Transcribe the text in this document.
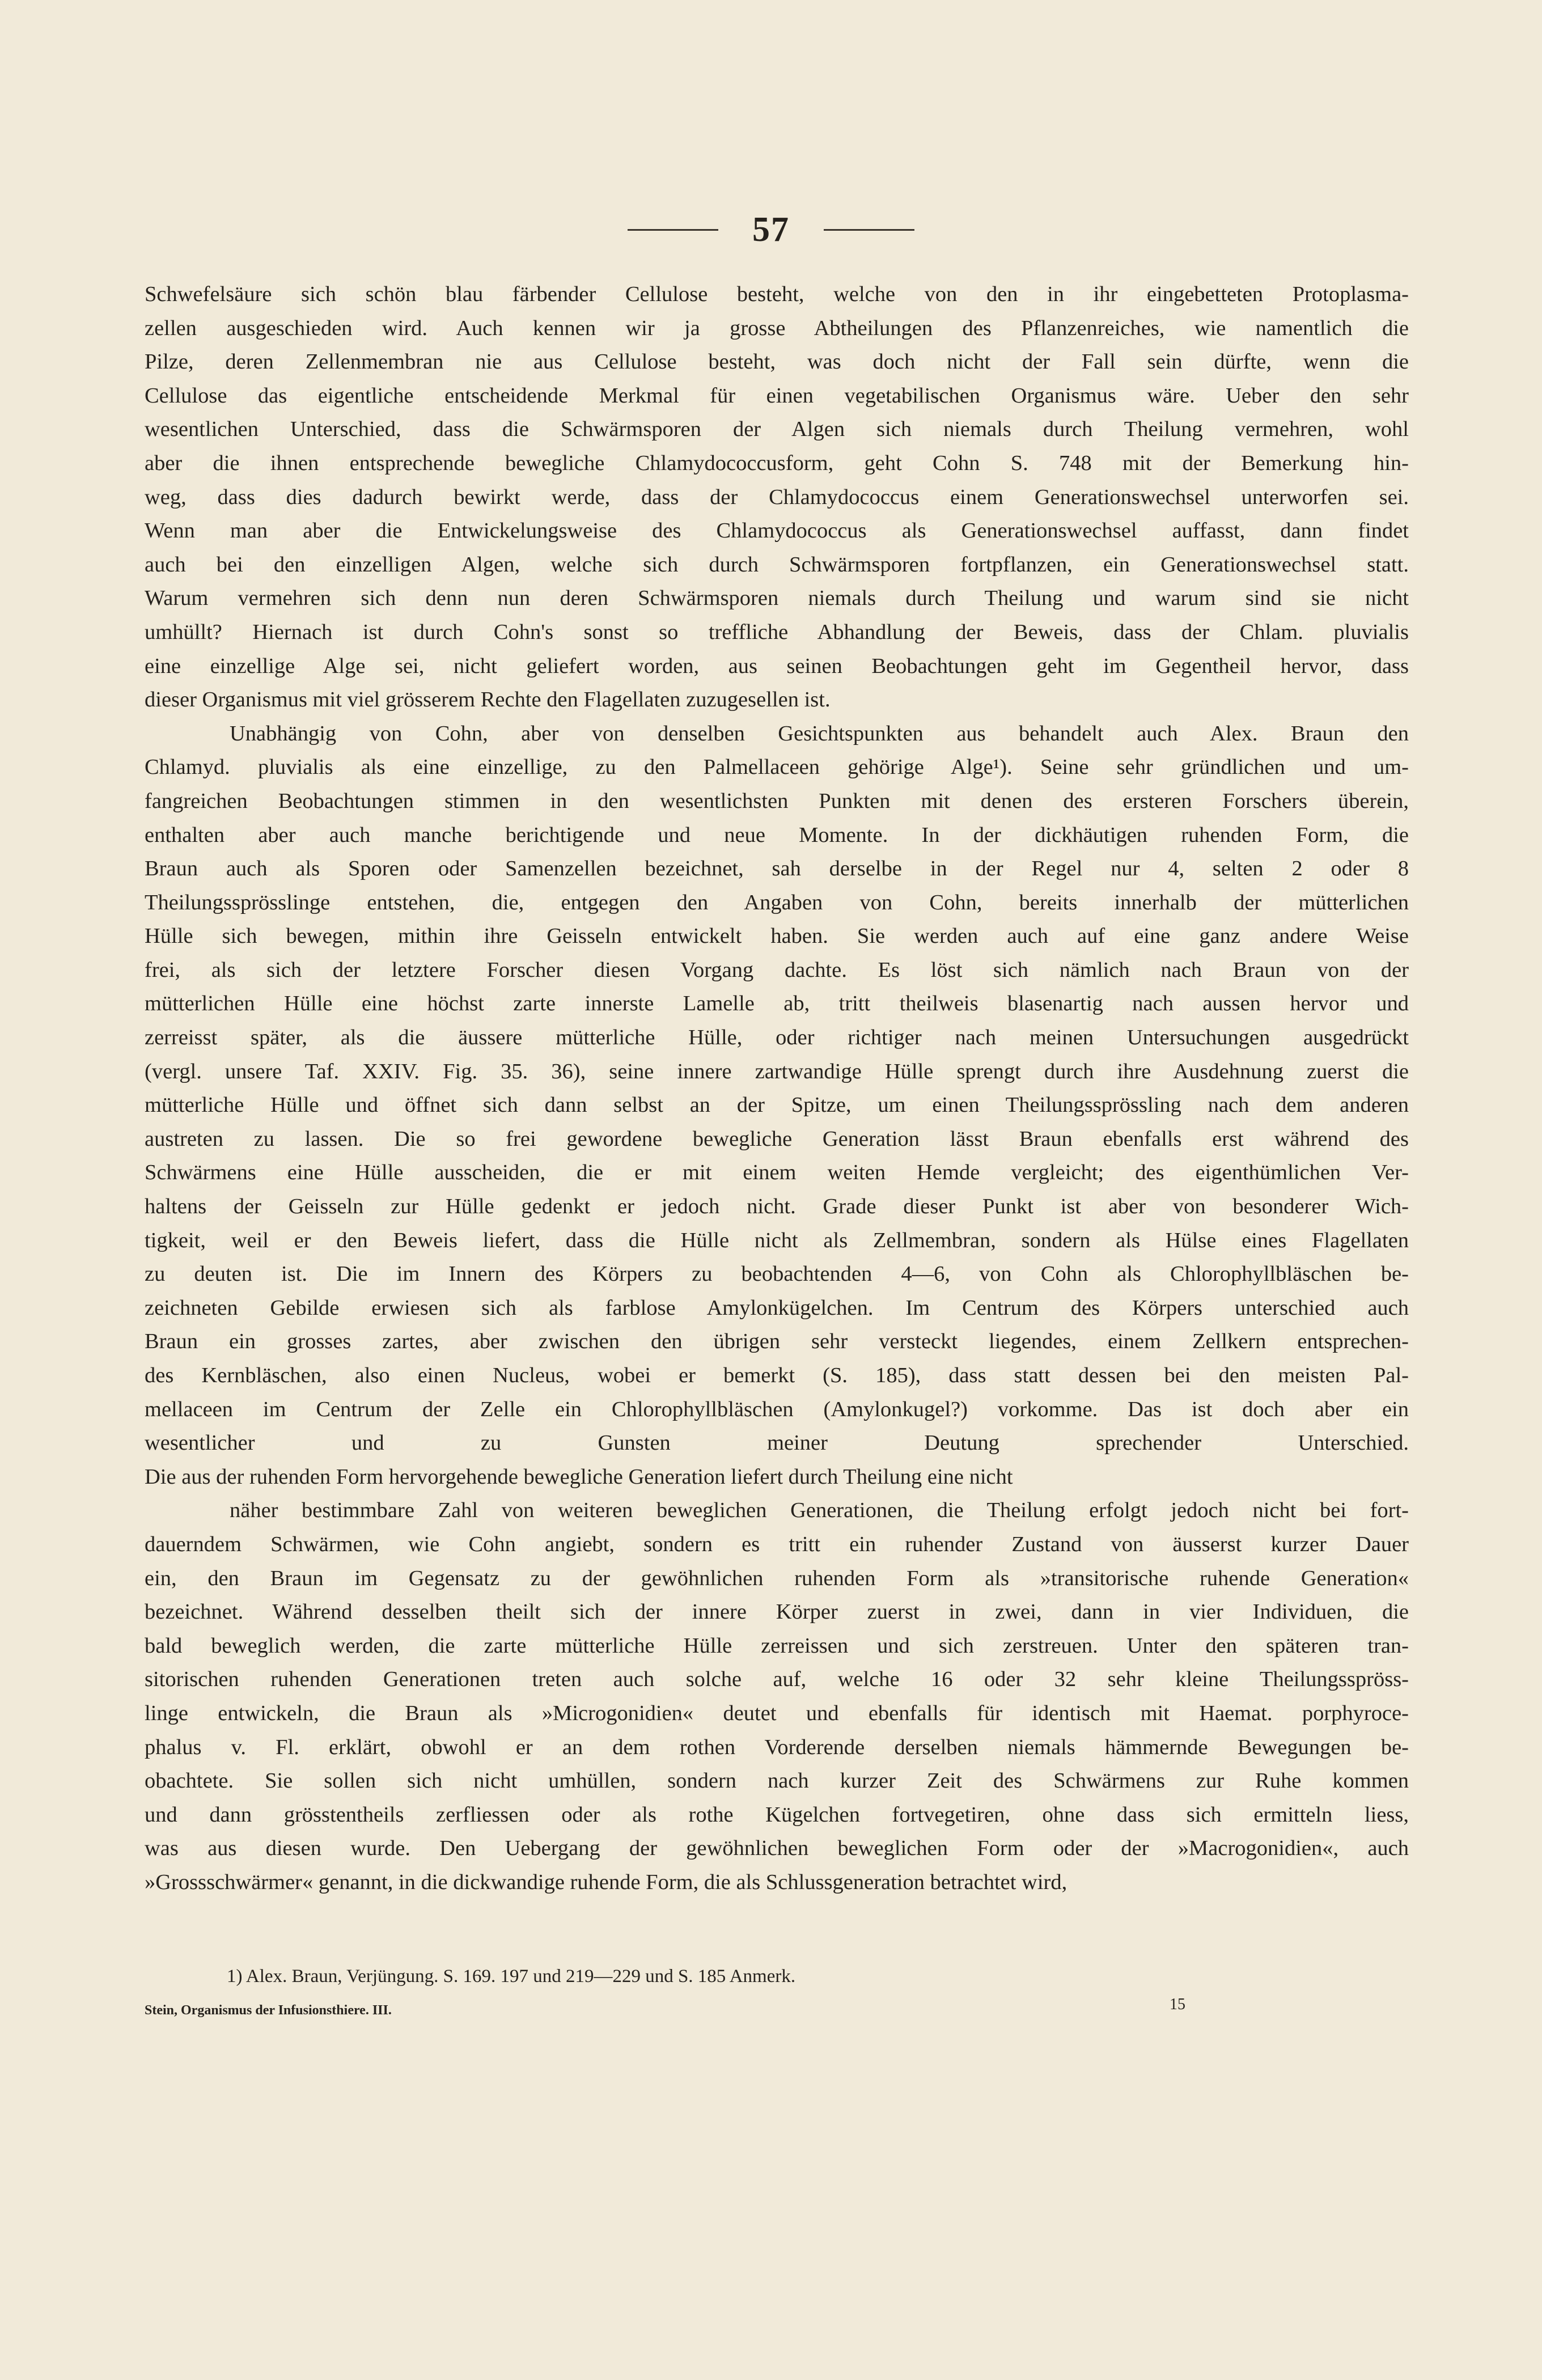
57
Schwefelsäure sich schön blau färbender Cellulose besteht, welche von den in ihr eingebetteten Protoplasma-
zellen ausgeschieden wird. Auch kennen wir ja grosse Abtheilungen des Pflanzenreiches, wie namentlich die
Pilze, deren Zellenmembran nie aus Cellulose besteht, was doch nicht der Fall sein dürfte, wenn die
Cellulose das eigentliche entscheidende Merkmal für einen vegetabilischen Organismus wäre. Ueber den sehr
wesentlichen Unterschied, dass die Schwärmsporen der Algen sich niemals durch Theilung vermehren, wohl
aber die ihnen entsprechende bewegliche Chlamydococcusform, geht Cohn S. 748 mit der Bemerkung hin-
weg, dass dies dadurch bewirkt werde, dass der Chlamydococcus einem Generationswechsel unterworfen sei.
Wenn man aber die Entwickelungsweise des Chlamydococcus als Generationswechsel auffasst, dann findet
auch bei den einzelligen Algen, welche sich durch Schwärmsporen fortpflanzen, ein Generationswechsel statt.
Warum vermehren sich denn nun deren Schwärmsporen niemals durch Theilung und warum sind sie nicht
umhüllt? Hiernach ist durch Cohn's sonst so treffliche Abhandlung der Beweis, dass der Chlam. pluvialis
eine einzellige Alge sei, nicht geliefert worden, aus seinen Beobachtungen geht im Gegentheil hervor, dass
dieser Organismus mit viel grösserem Rechte den Flagellaten zuzugesellen ist.
Unabhängig von Cohn, aber von denselben Gesichtspunkten aus behandelt auch Alex. Braun den
Chlamyd. pluvialis als eine einzellige, zu den Palmellaceen gehörige Alge¹). Seine sehr gründlichen und um-
fangreichen Beobachtungen stimmen in den wesentlichsten Punkten mit denen des ersteren Forschers überein,
enthalten aber auch manche berichtigende und neue Momente. In der dickhäutigen ruhenden Form, die
Braun auch als Sporen oder Samenzellen bezeichnet, sah derselbe in der Regel nur 4, selten 2 oder 8
Theilungssprösslinge entstehen, die, entgegen den Angaben von Cohn, bereits innerhalb der mütterlichen
Hülle sich bewegen, mithin ihre Geisseln entwickelt haben. Sie werden auch auf eine ganz andere Weise
frei, als sich der letztere Forscher diesen Vorgang dachte. Es löst sich nämlich nach Braun von der
mütterlichen Hülle eine höchst zarte innerste Lamelle ab, tritt theilweis blasenartig nach aussen hervor und
zerreisst später, als die äussere mütterliche Hülle, oder richtiger nach meinen Untersuchungen ausgedrückt
(vergl. unsere Taf. XXIV. Fig. 35. 36), seine innere zartwandige Hülle sprengt durch ihre Ausdehnung zuerst die
mütterliche Hülle und öffnet sich dann selbst an der Spitze, um einen Theilungssprössling nach dem anderen
austreten zu lassen. Die so frei gewordene bewegliche Generation lässt Braun ebenfalls erst während des
Schwärmens eine Hülle ausscheiden, die er mit einem weiten Hemde vergleicht; des eigenthümlichen Ver-
haltens der Geisseln zur Hülle gedenkt er jedoch nicht. Grade dieser Punkt ist aber von besonderer Wich-
tigkeit, weil er den Beweis liefert, dass die Hülle nicht als Zellmembran, sondern als Hülse eines Flagellaten
zu deuten ist. Die im Innern des Körpers zu beobachtenden 4—6, von Cohn als Chlorophyllbläschen be-
zeichneten Gebilde erwiesen sich als farblose Amylonkügelchen. Im Centrum des Körpers unterschied auch
Braun ein grosses zartes, aber zwischen den übrigen sehr versteckt liegendes, einem Zellkern entsprechen-
des Kernbläschen, also einen Nucleus, wobei er bemerkt (S. 185), dass statt dessen bei den meisten Pal-
mellaceen im Centrum der Zelle ein Chlorophyllbläschen (Amylonkugel?) vorkomme. Das ist doch aber ein
wesentlicher und zu Gunsten meiner Deutung sprechender Unterschied.
Die aus der ruhenden Form hervorgehende bewegliche Generation liefert durch Theilung eine nicht
näher bestimmbare Zahl von weiteren beweglichen Generationen, die Theilung erfolgt jedoch nicht bei fort-
dauerndem Schwärmen, wie Cohn angiebt, sondern es tritt ein ruhender Zustand von äusserst kurzer Dauer
ein, den Braun im Gegensatz zu der gewöhnlichen ruhenden Form als »transitorische ruhende Generation«
bezeichnet. Während desselben theilt sich der innere Körper zuerst in zwei, dann in vier Individuen, die
bald beweglich werden, die zarte mütterliche Hülle zerreissen und sich zerstreuen. Unter den späteren tran-
sitorischen ruhenden Generationen treten auch solche auf, welche 16 oder 32 sehr kleine Theilungsspröss-
linge entwickeln, die Braun als »Microgonidien« deutet und ebenfalls für identisch mit Haemat. porphyroce-
phalus v. Fl. erklärt, obwohl er an dem rothen Vorderende derselben niemals hämmernde Bewegungen be-
obachtete. Sie sollen sich nicht umhüllen, sondern nach kurzer Zeit des Schwärmens zur Ruhe kommen
und dann grösstentheils zerfliessen oder als rothe Kügelchen fortvegetiren, ohne dass sich ermitteln liess,
was aus diesen wurde. Den Uebergang der gewöhnlichen beweglichen Form oder der »Macrogonidien«, auch
»Grossschwärmer« genannt, in die dickwandige ruhende Form, die als Schlussgeneration betrachtet wird,
1) Alex. Braun, Verjüngung. S. 169. 197 und 219—229 und S. 185 Anmerk.
Stein, Organismus der Infusionsthiere. III.	15
